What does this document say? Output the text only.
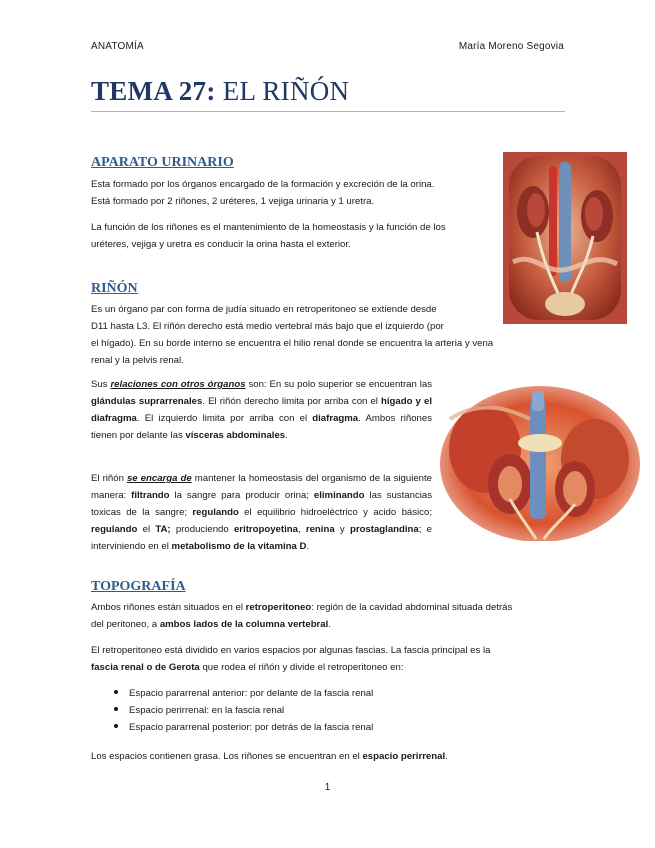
ANATOMÍA	María Moreno Segovia
TEMA 27: EL RIÑÓN
APARATO URINARIO
Esta formado por los órganos encargado de la formación y excreción de la orina.
Está formado por 2 riñones, 2 uréteres, 1 vejiga urinaria y 1 uretra.
La función de los riñones es el mantenimiento de la homeostasis y la función de los
uréteres, vejiga y uretra es conducir la orina hasta el exterior.
RIÑÓN
Es un órgano par con forma de judía situado en retroperitoneo se extiende desde
D11 hasta L3. El riñón derecho está medio vertebral más bajo que el izquierdo (por
el hígado). En su borde interno se encuentra el hilio renal donde se encuentra la arteria y vena
renal y la pelvis renal.

Sus relaciones con otros órganos son: En su polo superior se encuentran las glándulas suprarrenales. El riñón derecho limita por arriba con el hígado y el diafragma. El izquierdo limita por arriba con el diafragma. Ambos riñones tienen por delante las vísceras abdominales.

El riñón se encarga de mantener la homeostasis del organismo de la siguiente manera: filtrando la sangre para producir orina; eliminando las sustancias toxicas de la sangre; regulando el equilibrio hidroeléctrico y acido básico; regulando el TA; produciendo eritropoyetina, renina y prostaglandina; e interviniendo en el metabolismo de la vitamina D.

TOPOGRAFÍA
Ambos riñones están situados en el retroperitoneo: región de la cavidad abdominal situada detrás
del peritoneo, a ambos lados de la columna vertebral.
El retroperitoneo está dividido en varios espacios por algunas fascias. La fascia principal es la
fascia renal o de Gerota que rodea el riñón y divide el retroperitoneo en:
Espacio pararrenal anterior: por delante de la fascia renal
Espacio perirrenal: en la fascia renal
Espacio pararrenal posterior: por detrás de la fascia renal
Los espacios contienen grasa. Los riñones se encuentran en el espacio perirrenal.
1
